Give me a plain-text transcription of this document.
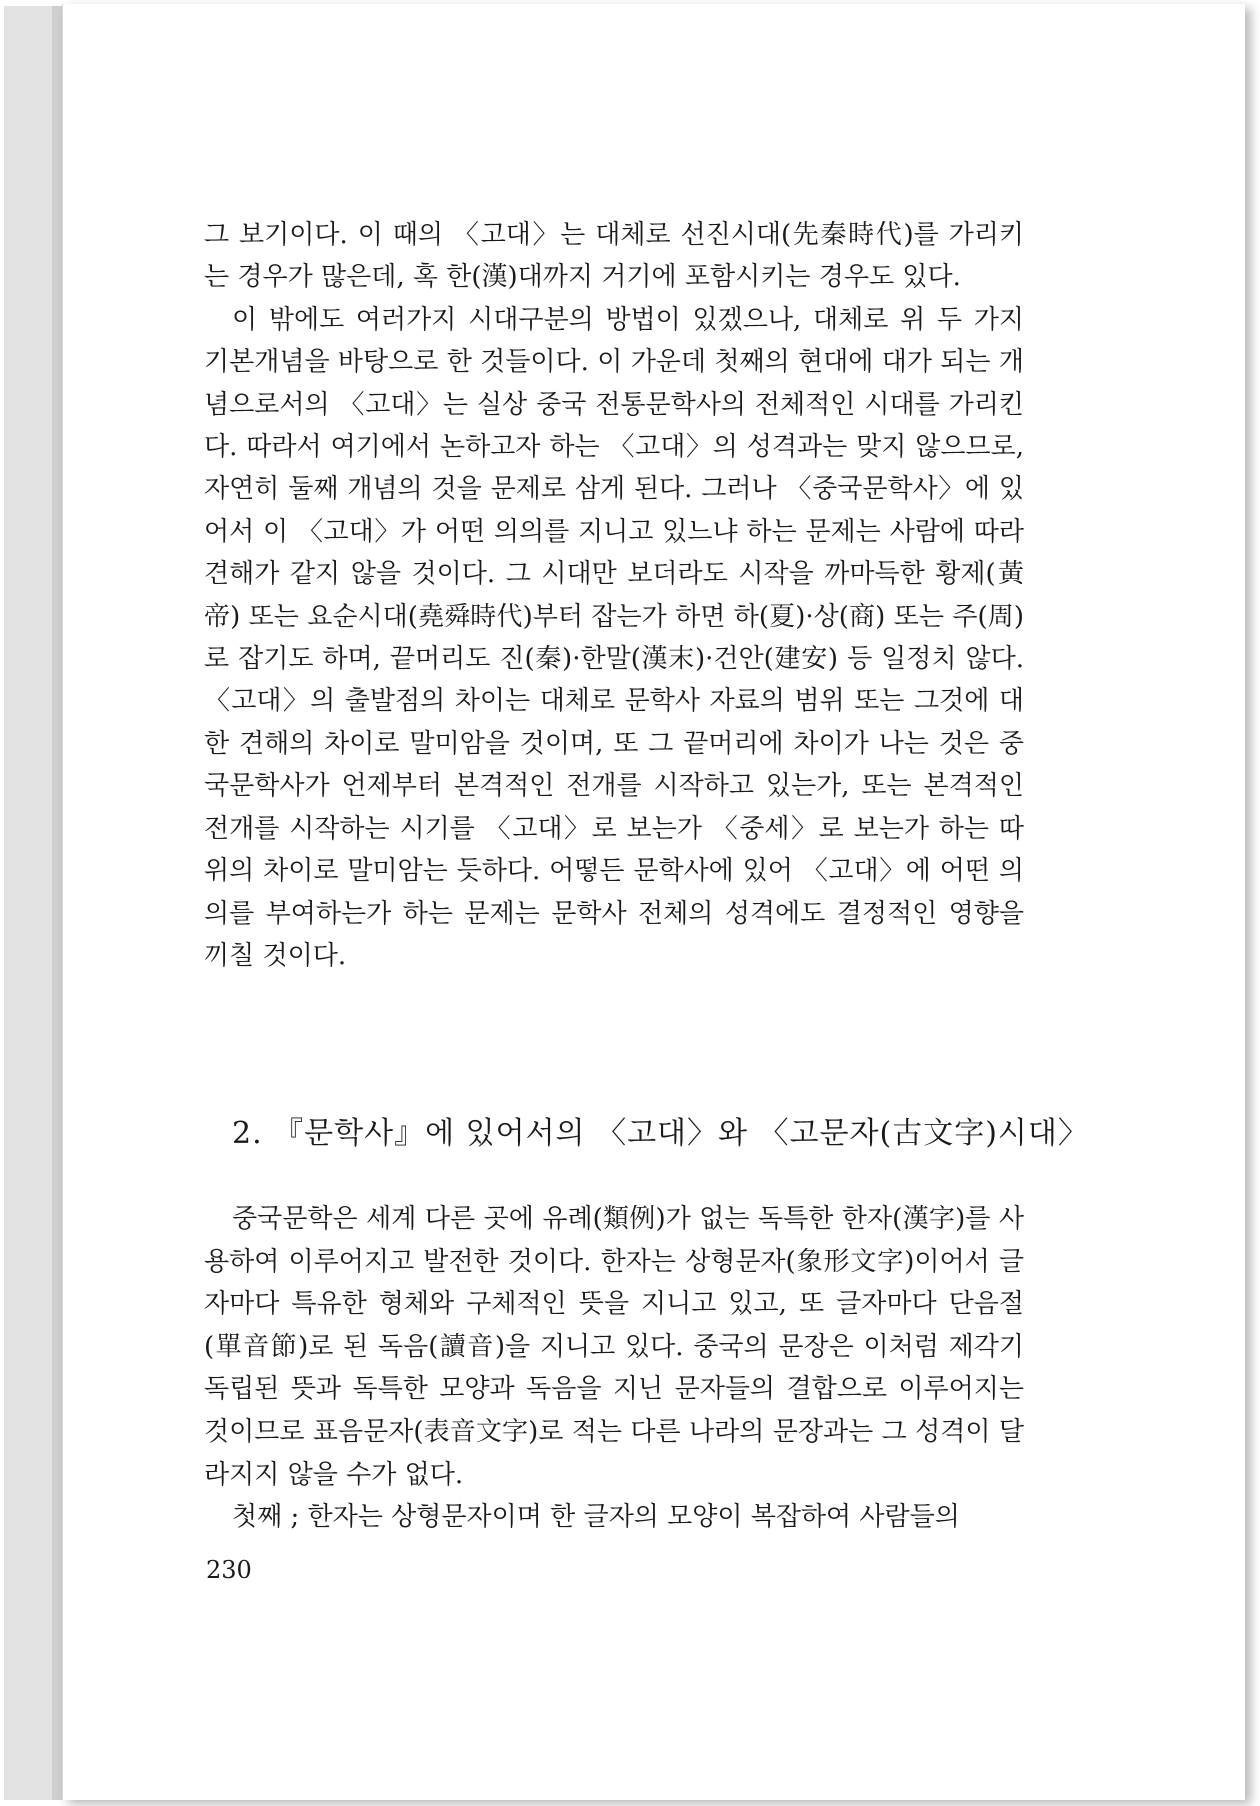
그 보기이다. 이 때의 〈고대〉는 대체로 선진시대(先秦時代)를 가리키는 경우가 많은데, 혹 한(漢)대까지 거기에 포함시키는 경우도 있다.

이 밖에도 여러가지 시대구분의 방법이 있겠으나, 대체로 위 두 가지 기본개념을 바탕으로 한 것들이다. 이 가운데 첫째의 현대에 대가 되는 개념으로서의 〈고대〉는 실상 중국 전통문학사의 전체적인 시대를 가리킨다. 따라서 여기에서 논하고자 하는 〈고대〉의 성격과는 맞지 않으므로, 자연히 둘째 개념의 것을 문제로 삼게 된다. 그러나 〈중국문학사〉에 있어서 이 〈고대〉가 어떤 의의를 지니고 있느냐 하는 문제는 사람에 따라 견해가 같지 않을 것이다. 그 시대만 보더라도 시작을 까마득한 황제(黃帝) 또는 요순시대(堯舜時代)부터 잡는가 하면 하(夏)·상(商) 또는 주(周)로 잡기도 하며, 끝머리도 진(秦)·한말(漢末)·건안(建安) 등 일정치 않다. 〈고대〉의 출발점의 차이는 대체로 문학사 자료의 범위 또는 그것에 대한 견해의 차이로 말미암을 것이며, 또 그 끝머리에 차이가 나는 것은 중국문학사가 언제부터 본격적인 전개를 시작하고 있는가, 또는 본격적인 전개를 시작하는 시기를 〈고대〉로 보는가 〈중세〉로 보는가 하는 따위의 차이로 말미암는 듯하다. 어떻든 문학사에 있어 〈고대〉에 어떤 의의를 부여하는가 하는 문제는 문학사 전체의 성격에도 결정적인 영향을 끼칠 것이다.

2. 『문학사』에 있어서의 〈고대〉와 〈고문자(古文字)시대〉

중국문학은 세계 다른 곳에 유례(類例)가 없는 독특한 한자(漢字)를 사용하여 이루어지고 발전한 것이다. 한자는 상형문자(象形文字)이어서 글자마다 특유한 형체와 구체적인 뜻을 지니고 있고, 또 글자마다 단음절(單音節)로 된 독음(讀音)을 지니고 있다. 중국의 문장은 이처럼 제각기 독립된 뜻과 독특한 모양과 독음을 지닌 문자들의 결합으로 이루어지는 것이므로 표음문자(表音文字)로 적는 다른 나라의 문장과는 그 성격이 달라지지 않을 수가 없다.

첫째 ; 한자는 상형문자이며 한 글자의 모양이 복잡하여 사람들의

230
